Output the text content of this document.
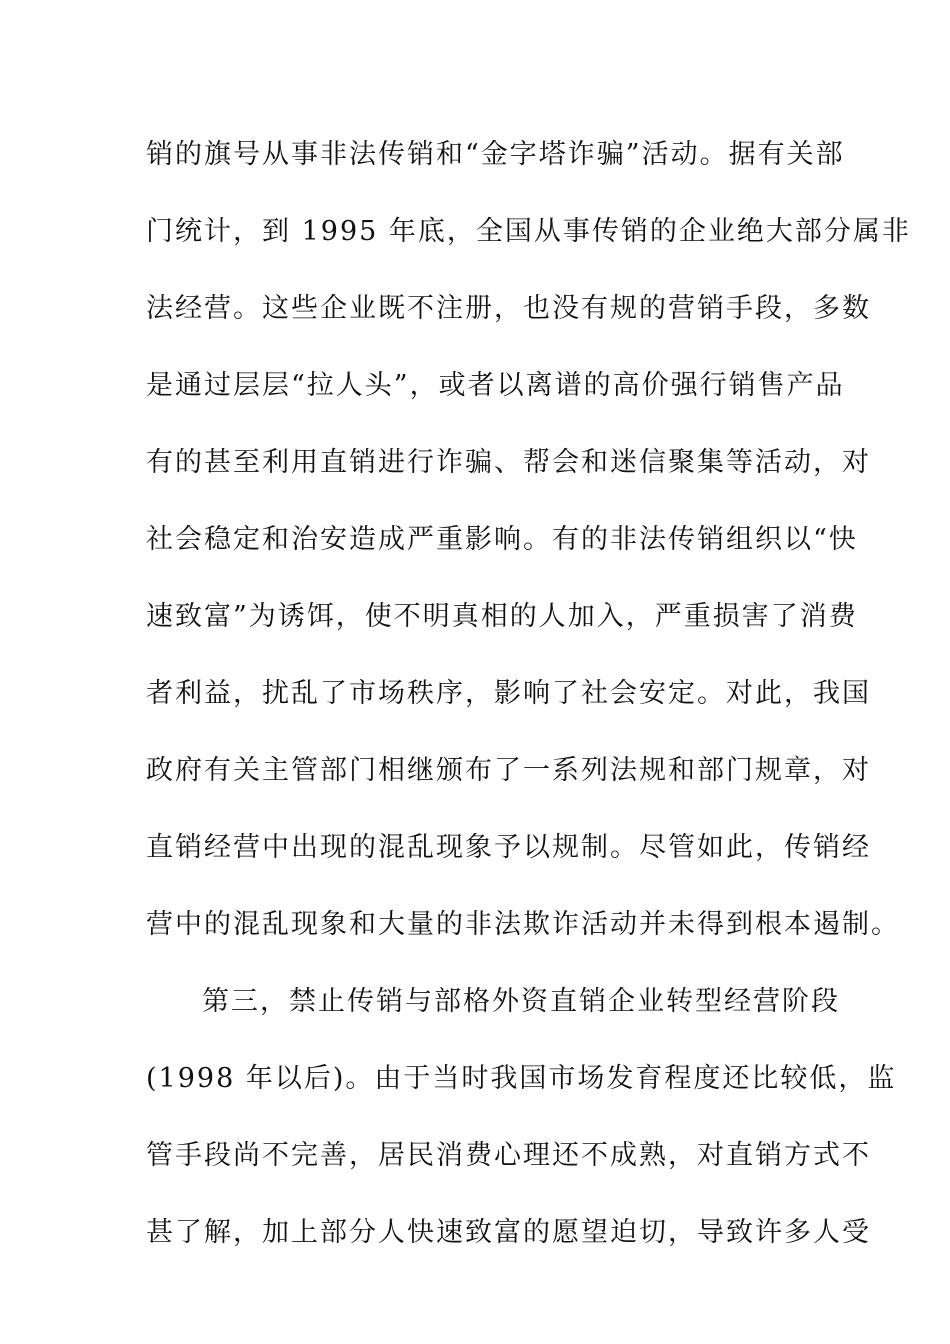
销的旗号从事非法传销和“金字塔诈骗”活动。据有关部
门统计，到 1995 年底，全国从事传销的企业绝大部分属非
法经营。这些企业既不注册，也没有规的营销手段，多数
是通过层层“拉人头”，或者以离谱的高价强行销售产品
有的甚至利用直销进行诈骗、帮会和迷信聚集等活动，对
社会稳定和治安造成严重影响。有的非法传销组织以“快
速致富”为诱饵，使不明真相的人加入，严重损害了消费
者利益，扰乱了市场秩序，影响了社会安定。对此，我国
政府有关主管部门相继颁布了一系列法规和部门规章，对
直销经营中出现的混乱现象予以规制。尽管如此，传销经
营中的混乱现象和大量的非法欺诈活动并未得到根本遏制。
第三，禁止传销与部格外资直销企业转型经营阶段
(1998 年以后)。由于当时我国市场发育程度还比较低，监
管手段尚不完善，居民消费心理还不成熟，对直销方式不
甚了解，加上部分人快速致富的愿望迫切，导致许多人受
